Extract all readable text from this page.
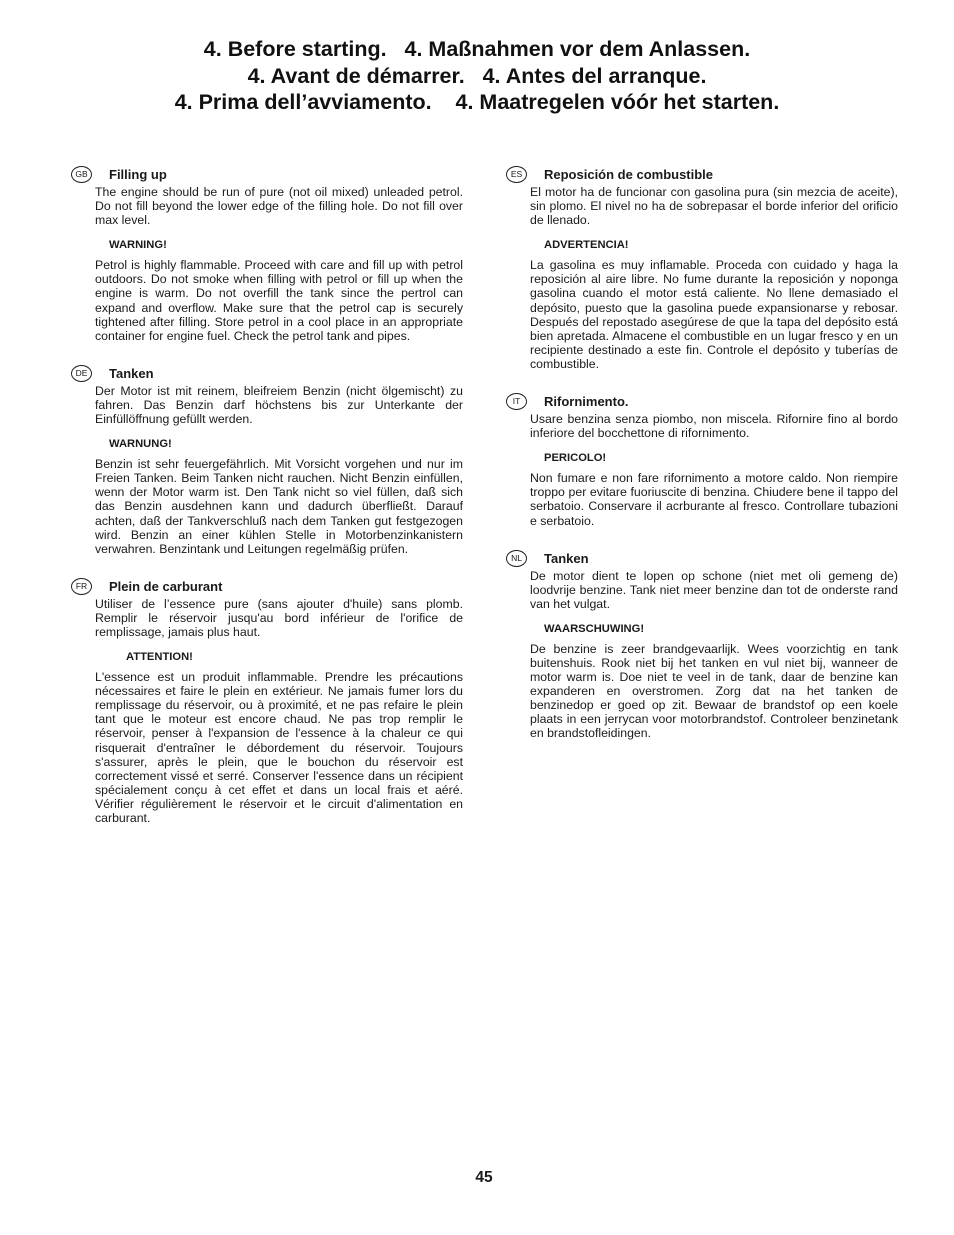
4. Before starting.   4. Maßnahmen vor dem Anlassen.
4. Avant de démarrer.   4. Antes del arranque.
4. Prima dell’avviamento.    4. Maatregelen vóór het starten.
GB	Filling up

The engine should be run of pure (not oil mixed) unleaded petrol. Do not fill beyond the lower edge of the filling hole. Do not fill over max level.

WARNING!

Petrol is highly flammable. Proceed with care and fill up with petrol outdoors. Do not smoke when filling with petrol or fill up when the engine is warm. Do not overfill the tank since the pertrol can expand and overflow. Make sure that the petrol cap is securely tightened after filling. Store petrol in a cool place in an appropriate container for engine fuel. Check the petrol tank and pipes.

DE	Tanken

Der Motor ist mit reinem, bleifreiem Benzin (nicht ölgemischt) zu fahren. Das Benzin darf höchstens bis zur Unterkante der Einfüllöffnung gefüllt werden.

WARNUNG!

Benzin ist sehr feuergefährlich. Mit Vorsicht vorgehen und nur im Freien Tanken. Beim Tanken nicht rauchen. Nicht Benzin einfüllen, wenn der Motor warm ist. Den Tank nicht so viel füllen, daß sich das Benzin ausdehnen kann und dadurch überfließt. Darauf achten, daß der Tankverschluß nach dem Tanken gut festgezogen wird. Benzin an einer kühlen Stelle in Motorbenzinkanistern verwahren. Benzintank und Leitungen regelmäßig prüfen.

FR	Plein de carburant

Utiliser de l’essence pure (sans ajouter d'huile) sans plomb. Remplir le réservoir jusqu'au bord inférieur de l'orifice de remplissage, jamais plus haut.

ATTENTION!

L'essence est un produit inflammable. Prendre les précautions nécessaires et faire le plein en extérieur. Ne jamais fumer lors du remplissage du réservoir, ou à proximité, et ne pas refaire le plein tant que le moteur est encore chaud. Ne pas trop remplir le réservoir, penser à l'expansion de l'essence à la chaleur ce qui risquerait d'entraîner le débordement du réservoir. Toujours s'assurer, après le plein, que le bouchon du réservoir est correctement vissé et serré. Conserver l'essence dans un récipient spécialement conçu à cet effet et dans un local frais et aéré. Vérifier régulièrement le réservoir et le circuit d'alimentation en carburant.

ES	Reposición de combustible

El motor ha de funcionar con gasolina pura (sin mezcia de aceite), sin plomo. El nivel no ha de sobrepasar el borde inferior del orificio de llenado.

ADVERTENCIA!

La gasolina es muy inflamable. Proceda con cuidado y haga la reposición al aire libre. No fume durante la reposición y noponga gasolina cuando el motor está caliente. No llene demasiado el depósito, puesto que la gasolina puede expansionarse y rebosar. Después del repostado asegúrese de que la tapa del depósito está bien apretada. Almacene el combustible en un lugar fresco y en un recipiente destinado a este fin. Controle el depósito y tuberías de combustible.

IT	Rifornimento.

Usare benzina senza piombo, non miscela. Rifornire fino al bordo inferiore del bocchettone di rifornimento.

PERICOLO!

Non fumare e non fare rifornimento a motore caldo. Non riempire troppo per evitare fuoriuscite di benzina. Chiudere bene il tappo del serbatoio. Conservare il acrburante al fresco. Controllare tubazioni e serbatoio.

NL	Tanken

De motor dient te lopen op schone (niet met oli gemeng de) loodvrije benzine. Tank niet meer benzine dan tot de onderste rand van het vulgat.

WAARSCHUWING!

De benzine is zeer brandgevaarlijk. Wees voorzichtig en tank buitenshuis. Rook niet bij het tanken en vul niet bij, wanneer de motor warm is. Doe niet te veel in de tank, daar de benzine kan expanderen en overstromen. Zorg dat na het tanken de benzinedop er goed op zit. Bewaar de brandstof op een koele plaats in een jerrycan voor motorbrandstof. Controleer benzinetank en brandstofleidingen.

45
